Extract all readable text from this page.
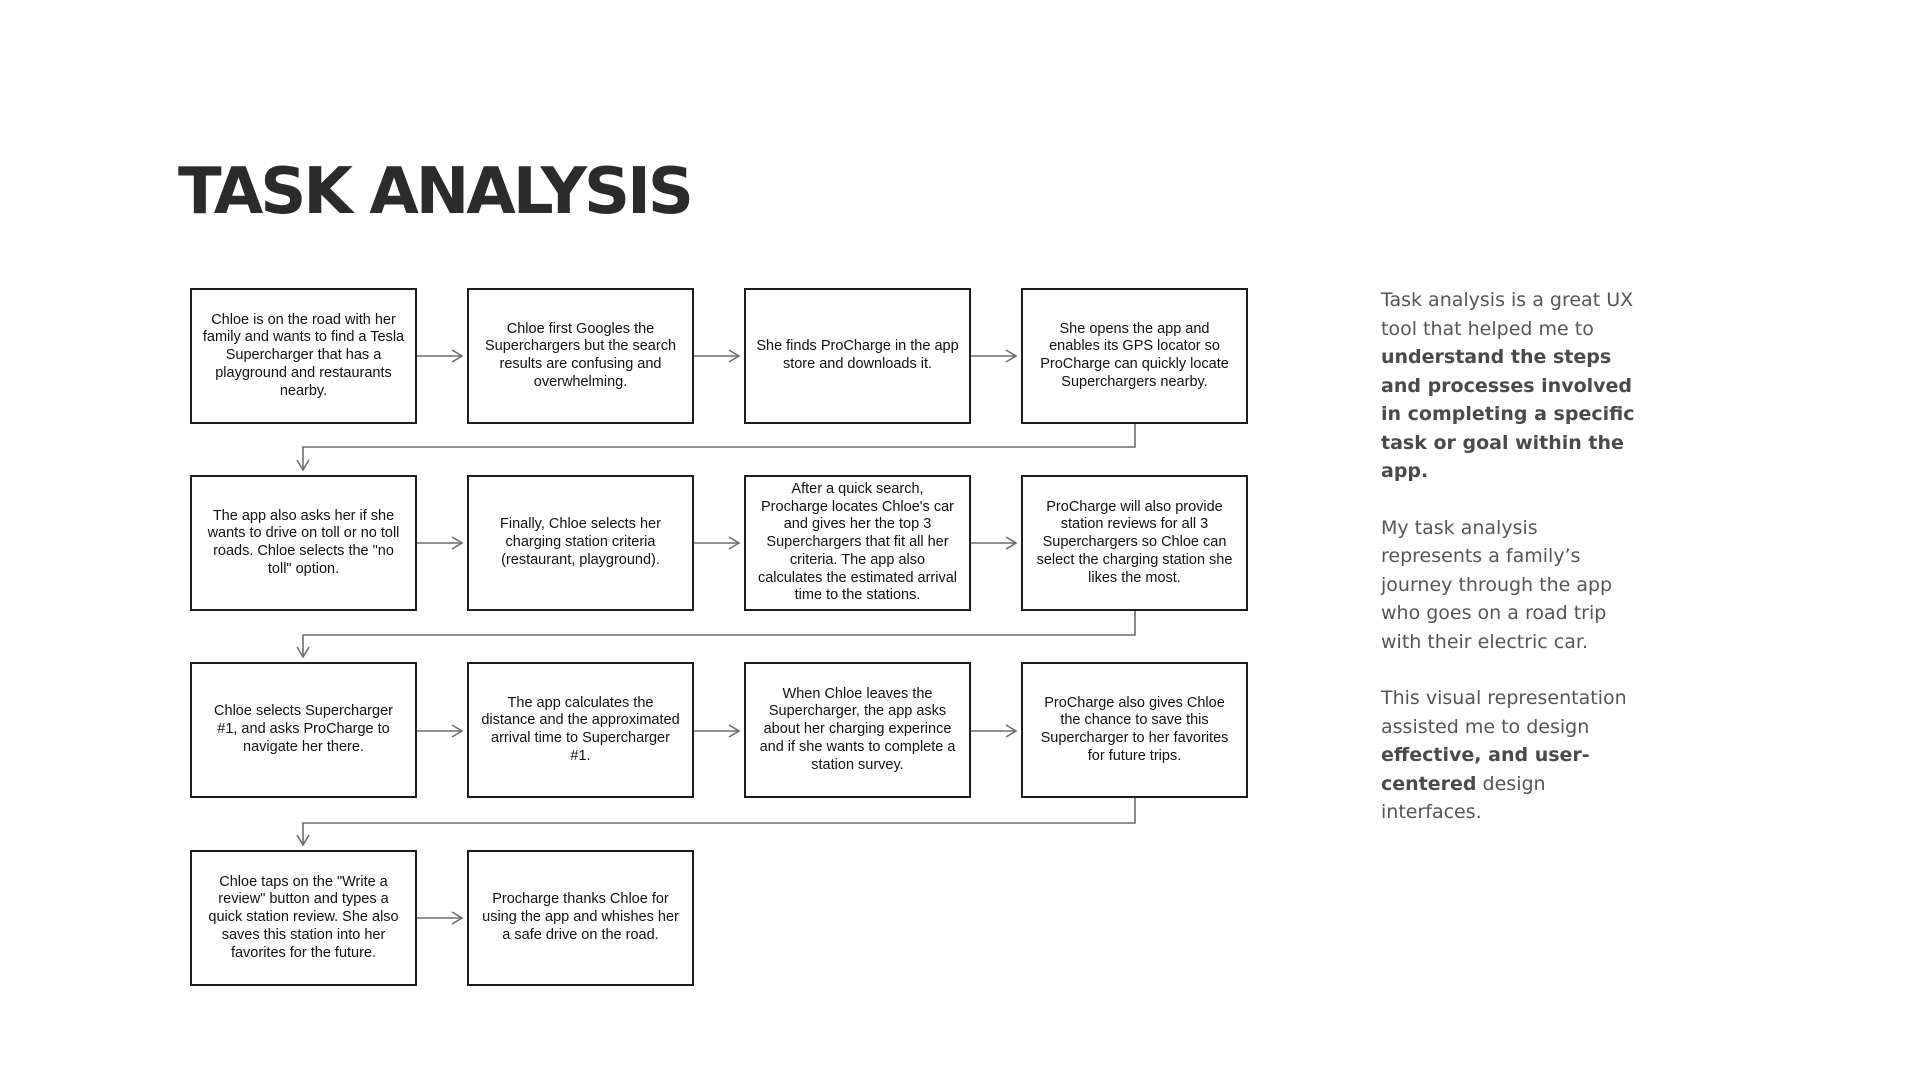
TASK ANALYSIS
Chloe is on the road with her family and wants to find a Tesla Supercharger that has a playground and restaurants nearby.
Chloe first Googles the Superchargers but the search results are confusing and overwhelming.
She finds ProCharge in the app store and downloads it.
She opens the app and enables its GPS locator so ProCharge can quickly locate Superchargers nearby.
The app also asks her if she wants to drive on toll or no toll roads. Chloe selects the "no toll" option.
Finally, Chloe selects her charging station criteria (restaurant, playground).
After a quick search, Procharge locates Chloe's car and gives her the top 3 Superchargers that fit all her criteria. The app also calculates the estimated arrival time to the stations.
ProCharge will also provide station reviews for all 3 Superchargers so Chloe can select the charging station she likes the most.
Chloe selects Supercharger #1, and asks ProCharge to navigate her there.
The app calculates the distance and the approximated arrival time to Supercharger #1.
When Chloe leaves the Supercharger, the app asks about her charging experince and if she wants to complete a station survey.
ProCharge also gives Chloe the chance to save this Supercharger to her favorites for future trips.
Chloe taps on the "Write a review" button and types a quick station review. She also saves this station into her favorites for the future.
Procharge thanks Chloe for using the app and whishes her a safe drive on the road.

Task analysis is a great UX tool that helped me to understand the steps and processes involved in completing a specific task or goal within the app.

My task analysis represents a family’s journey through the app who goes on a road trip with their electric car.

This visual representation assisted me to design effective, and user-centered design interfaces.
